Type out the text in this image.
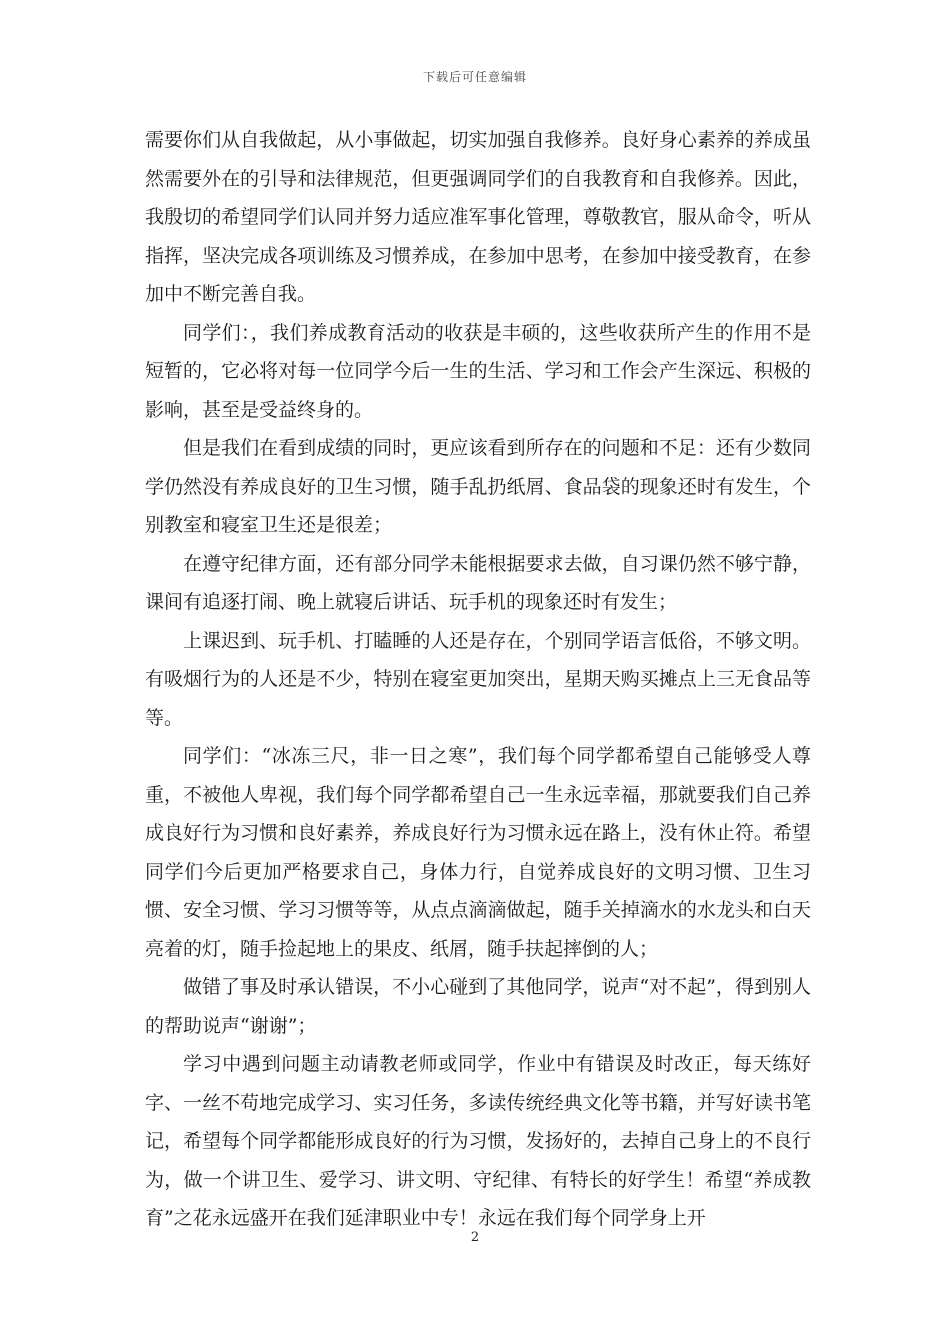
下载后可任意编辑

需要你们从自我做起，从小事做起，切实加强自我修养。良好身心素养的养成虽然需要外在的引导和法律规范，但更强调同学们的自我教育和自我修养。因此，我殷切的希望同学们认同并努力适应准军事化管理，尊敬教官，服从命令，听从指挥，坚决完成各项训练及习惯养成，在参加中思考，在参加中接受教育，在参加中不断完善自我。

同学们：，我们养成教育活动的收获是丰硕的，这些收获所产生的作用不是短暂的，它必将对每一位同学今后一生的生活、学习和工作会产生深远、积极的影响，甚至是受益终身的。

但是我们在看到成绩的同时，更应该看到所存在的问题和不足：还有少数同学仍然没有养成良好的卫生习惯，随手乱扔纸屑、食品袋的现象还时有发生，个别教室和寝室卫生还是很差；

在遵守纪律方面，还有部分同学未能根据要求去做，自习课仍然不够宁静，课间有追逐打闹、晚上就寝后讲话、玩手机的现象还时有发生；

上课迟到、玩手机、打瞌睡的人还是存在，个别同学语言低俗，不够文明。有吸烟行为的人还是不少，特别在寝室更加突出，星期天购买摊点上三无食品等等。

同学们：“冰冻三尺，非一日之寒”，我们每个同学都希望自己能够受人尊重，不被他人卑视，我们每个同学都希望自己一生永远幸福，那就要我们自己养成良好行为习惯和良好素养，养成良好行为习惯永远在路上，没有休止符。希望同学们今后更加严格要求自己，身体力行，自觉养成良好的文明习惯、卫生习惯、安全习惯、学习习惯等等，从点点滴滴做起，随手关掉滴水的水龙头和白天亮着的灯，随手捡起地上的果皮、纸屑，随手扶起摔倒的人；

做错了事及时承认错误，不小心碰到了其他同学，说声“对不起”，得到别人的帮助说声“谢谢”；

学习中遇到问题主动请教老师或同学，作业中有错误及时改正，每天练好字、一丝不苟地完成学习、实习任务，多读传统经典文化等书籍，并写好读书笔记，希望每个同学都能形成良好的行为习惯，发扬好的，去掉自己身上的不良行为，做一个讲卫生、爱学习、讲文明、守纪律、有特长的好学生！希望“养成教育”之花永远盛开在我们延津职业中专！永远在我们每个同学身上开

2
